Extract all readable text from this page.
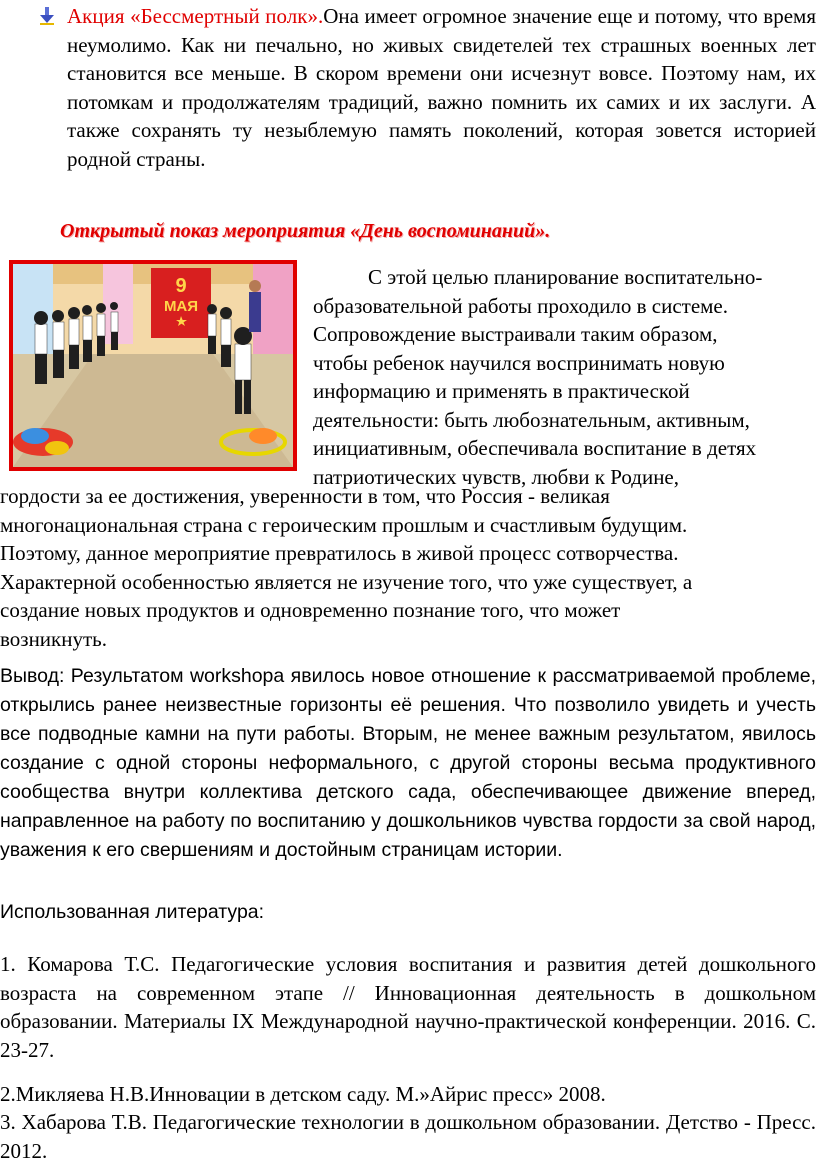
Акция «Бессмертный полк».Она имеет огромное значение еще и потому, что время неумолимо. Как ни печально, но живых свидетелей тех страшных военных лет становится все меньше. В скором времени они исчезнут вовсе. Поэтому нам, их потомкам и продолжателям традиций, важно помнить их самих и их заслуги. А также сохранять ту незыблемую память поколений, которая зовется историей родной страны.

Открытый показ мероприятия «День воспоминаний».
9
МАЯ
С этой целью планирование воспитательно-
образовательной работы проходило в системе.
Сопровождение выстраивали таким образом,
чтобы ребенок научился воспринимать новую
информацию и применять в практической
деятельности: быть любознательным, активным,
инициативным, обеспечивала воспитание в детях
патриотических чувств, любви к Родине,
гордости за ее достижения, уверенности в том, что Россия - великая
многонациональная страна с героическим прошлым и счастливым будущим.
Поэтому, данное мероприятие превратилось в живой процесс сотворчества.
Характерной особенностью является не изучение того, что уже существует, а
создание новых продуктов и одновременно познание того, что может
возникнуть.

Вывод: Результатом workshopa явилось новое отношение к рассматриваемой проблеме, открылись ранее неизвестные горизонты её решения. Что позволило увидеть и учесть все подводные камни на пути работы. Вторым, не менее важным результатом, явилось создание с одной стороны неформального, с другой стороны весьма продуктивного сообщества внутри коллектива детского сада, обеспечивающее движение вперед, направленное на работу по воспитанию у дошкольников чувства гордости за свой народ, уважения к его свершениям и достойным страницам истории.

Использованная литература:

1. Комарова Т.С. Педагогические условия воспитания и развития детей дошкольного возраста на современном этапе // Инновационная деятельность в дошкольном образовании. Материалы IX Международной научно-практической конференции. 2016. С. 23-27.

2.Микляева Н.В.Инновации в детском саду. М.»Айрис пресс» 2008.

3. Хабарова Т.В. Педагогические технологии в дошкольном образовании. Детство - Пресс. 2012.
